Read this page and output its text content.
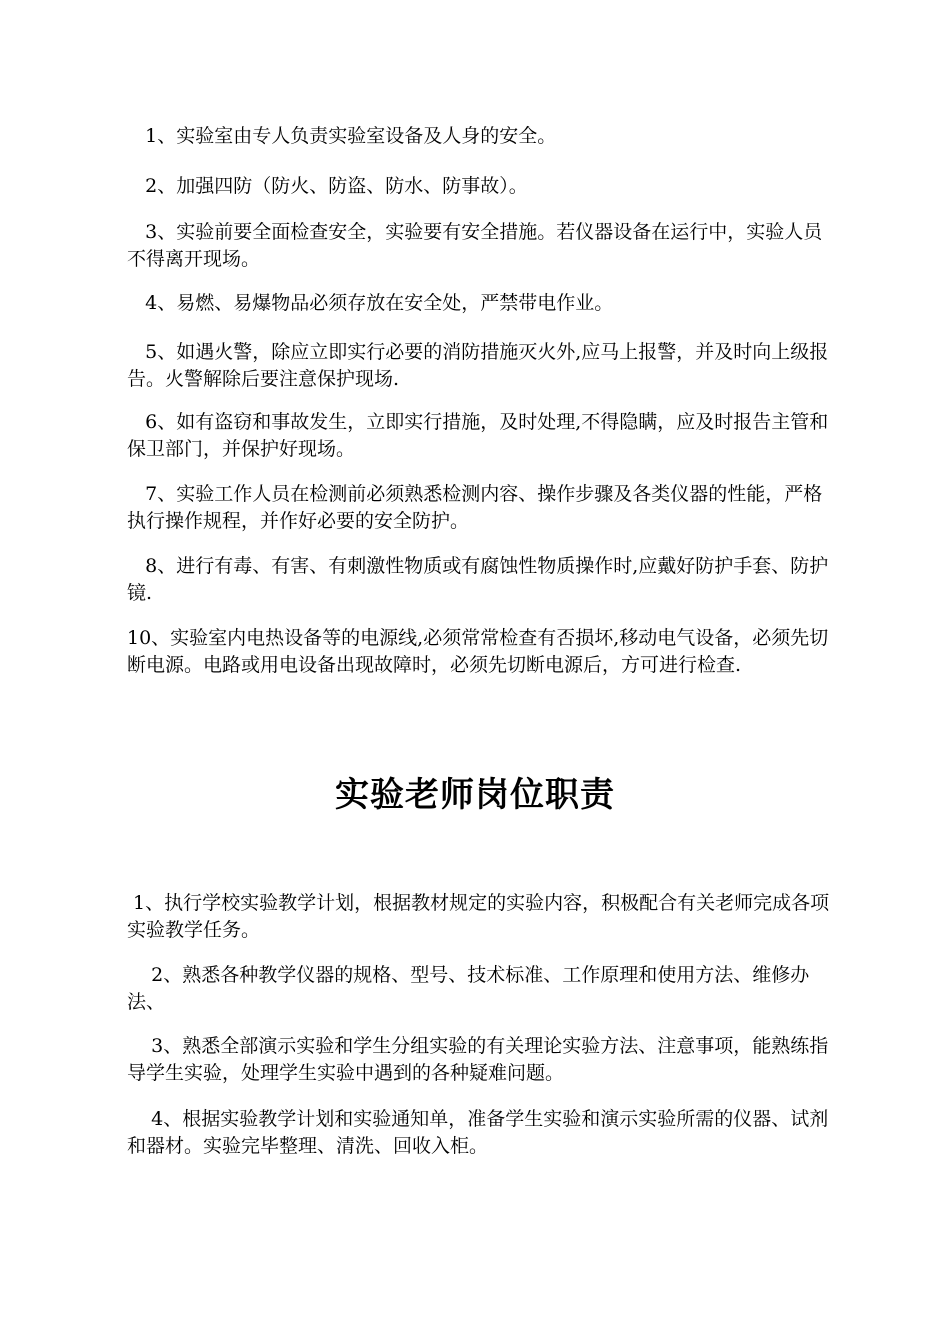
1、实验室由专人负责实验室设备及人身的安全。

2、加强四防（防火、防盗、防水、防事故）。

3、实验前要全面检查安全，实验要有安全措施。若仪器设备在运行中，实验人员不得离开现场。

4、易燃、易爆物品必须存放在安全处，严禁带电作业。

5、如遇火警，除应立即实行必要的消防措施灭火外,应马上报警，并及时向上级报告。火警解除后要注意保护现场.

6、如有盗窃和事故发生，立即实行措施，及时处理,不得隐瞒，应及时报告主管和保卫部门，并保护好现场。

7、实验工作人员在检测前必须熟悉检测内容、操作步骤及各类仪器的性能，严格执行操作规程，并作好必要的安全防护。

8、进行有毒、有害、有刺激性物质或有腐蚀性物质操作时,应戴好防护手套、防护镜.

10、实验室内电热设备等的电源线,必须常常检查有否损坏,移动电气设备，必须先切断电源。电路或用电设备出现故障时，必须先切断电源后，方可进行检查.

实验老师岗位职责

1、执行学校实验教学计划，根据教材规定的实验内容，积极配合有关老师完成各项实验教学任务。

2、熟悉各种教学仪器的规格、型号、技术标准、工作原理和使用方法、维修办法、

3、熟悉全部演示实验和学生分组实验的有关理论实验方法、注意事项，能熟练指导学生实验，处理学生实验中遇到的各种疑难问题。

4、根据实验教学计划和实验通知单，准备学生实验和演示实验所需的仪器、试剂和器材。实验完毕整理、清洗、回收入柜。
